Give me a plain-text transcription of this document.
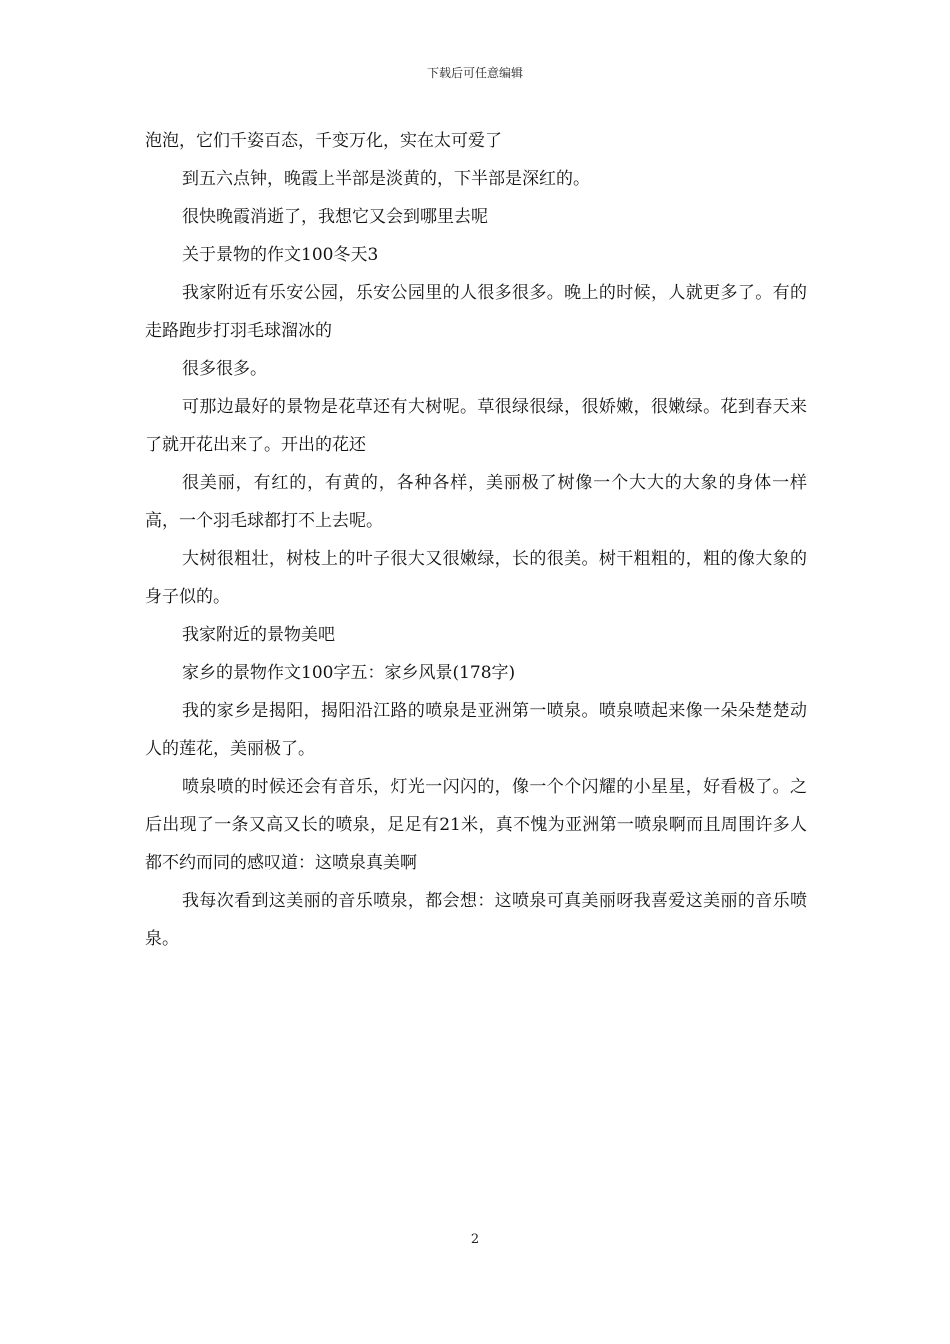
下载后可任意编辑

泡泡，它们千姿百态，千变万化，实在太可爱了

到五六点钟，晚霞上半部是淡黄的，下半部是深红的。

很快晚霞消逝了，我想它又会到哪里去呢

关于景物的作文100冬天3

我家附近有乐安公园，乐安公园里的人很多很多。晚上的时候，人就更多了。有的走路跑步打羽毛球溜冰的

很多很多。

可那边最好的景物是花草还有大树呢。草很绿很绿，很娇嫩，很嫩绿。花到春天来了就开花出来了。开出的花还

很美丽，有红的，有黄的，各种各样，美丽极了树像一个大大的大象的身体一样高，一个羽毛球都打不上去呢。

大树很粗壮，树枝上的叶子很大又很嫩绿，长的很美。树干粗粗的，粗的像大象的身子似的。

我家附近的景物美吧

家乡的景物作文100字五：家乡风景(178字)

我的家乡是揭阳，揭阳沿江路的喷泉是亚洲第一喷泉。喷泉喷起来像一朵朵楚楚动人的莲花，美丽极了。

喷泉喷的时候还会有音乐，灯光一闪闪的，像一个个闪耀的小星星，好看极了。之后出现了一条又高又长的喷泉，足足有21米，真不愧为亚洲第一喷泉啊而且周围许多人都不约而同的感叹道：这喷泉真美啊

我每次看到这美丽的音乐喷泉，都会想：这喷泉可真美丽呀我喜爱这美丽的音乐喷泉。

2
